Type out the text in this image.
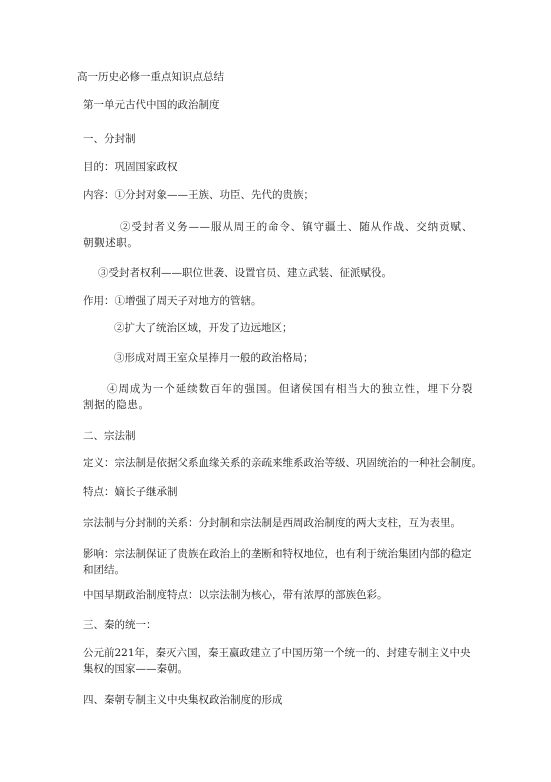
高一历史必修一重点知识点总结
第一单元古代中国的政治制度
一、分封制
目的：巩固国家政权
内容：①分封对象——王族、功臣、先代的贵族；
②受封者义务——服从周王的命令、镇守疆土、随从作战、交纳贡赋、朝觐述职。
③受封者权利——职位世袭、设置官员、建立武装、征派赋役。
作用：①增强了周天子对地方的管辖。
②扩大了统治区域，开发了边远地区；
③形成对周王室众星捧月一般的政治格局；
④周成为一个延续数百年的强国。但诸侯国有相当大的独立性，埋下分裂割据的隐患。
二、宗法制
定义：宗法制是依据父系血缘关系的亲疏来维系政治等级、巩固统治的一种社会制度。
特点：嫡长子继承制
宗法制与分封制的关系：分封制和宗法制是西周政治制度的两大支柱，互为表里。
影响：宗法制保证了贵族在政治上的垄断和特权地位，也有利于统治集团内部的稳定和团结。
中国早期政治制度特点：以宗法制为核心，带有浓厚的部族色彩。
三、秦的统一：
公元前221年，秦灭六国，秦王嬴政建立了中国历第一个统一的、封建专制主义中央集权的国家——秦朝。
四、秦朝专制主义中央集权政治制度的形成
